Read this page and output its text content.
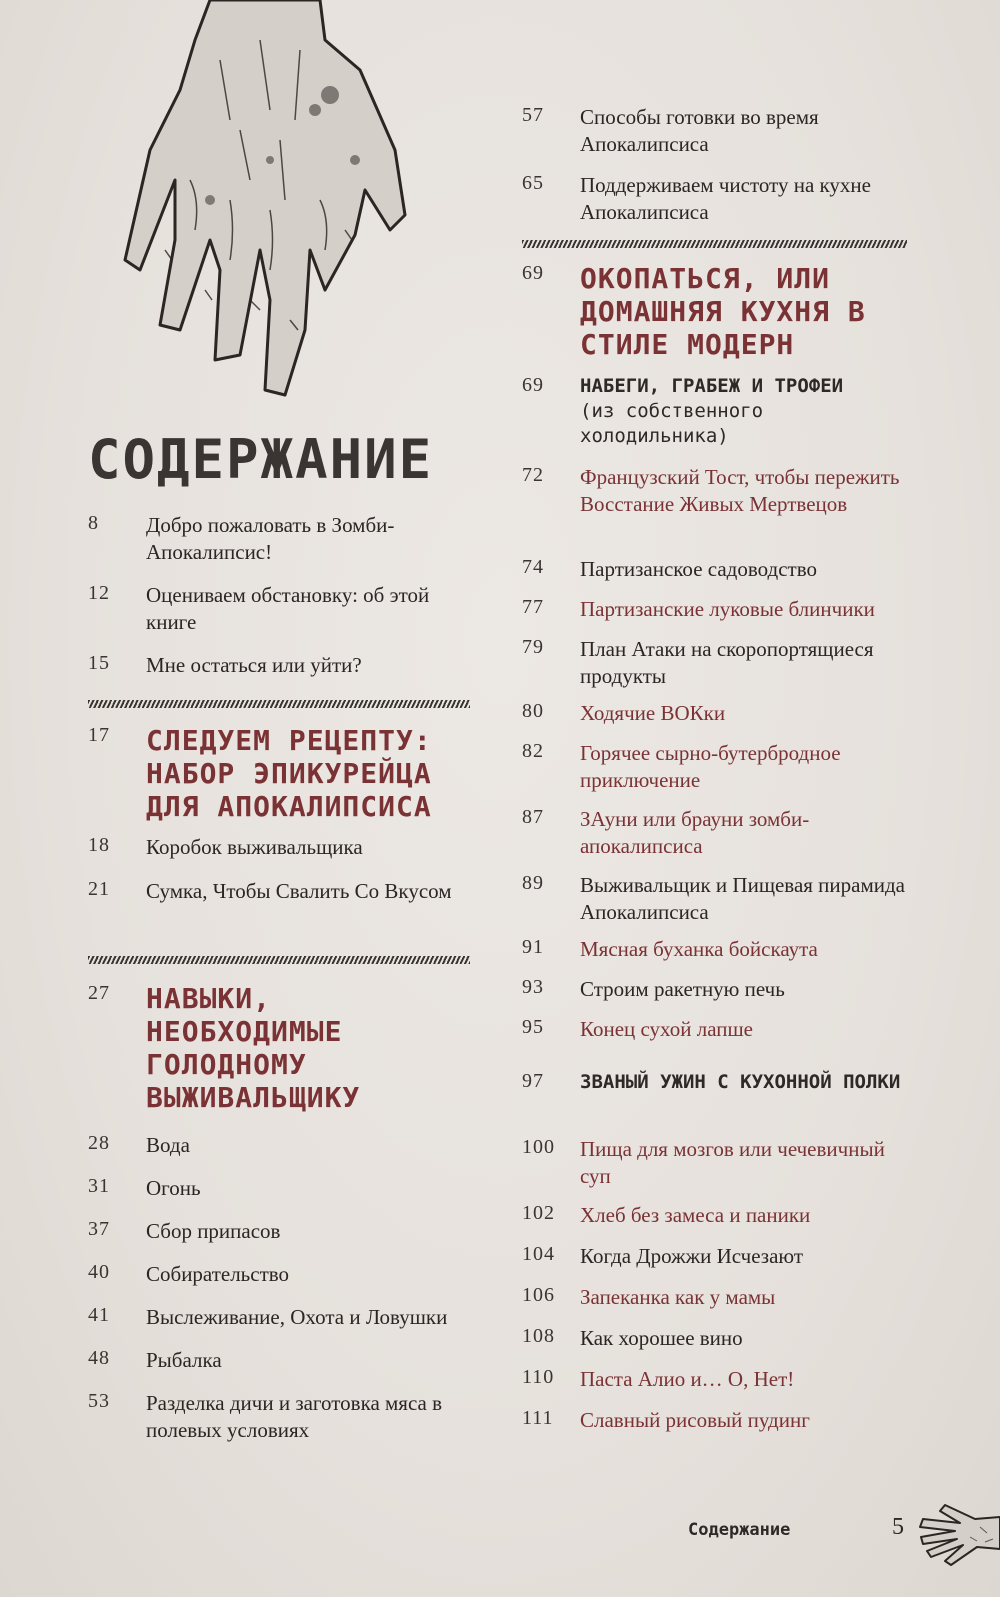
СОДЕРЖАНИЕ
8	Добро пожаловать в Зомби-Апокалипсис!
12	Оцениваем обстановку: об этой книге
15	Мне остаться или уйти?
17	СЛЕДУЕМ РЕЦЕПТУ: НАБОР ЭПИКУРЕЙЦА ДЛЯ АПОКАЛИПСИСА
18	Коробок выживальщика
21	Сумка, Чтобы Свалить Со Вкусом
27	НАВЫКИ, НЕОБХОДИМЫЕ ГОЛОДНОМУ ВЫЖИВАЛЬЩИКУ
28	Вода
31	Огонь
37	Сбор припасов
40	Собирательство
41	Выслеживание, Охота и Ловушки
48	Рыбалка
53	Разделка дичи и заготовка мяса в полевых условиях
57	Способы готовки во время Апокалипсиса
65	Поддерживаем чистоту на кухне Апокалипсиса
69	ОКОПАТЬСЯ, ИЛИ ДОМАШНЯЯ КУХНЯ В СТИЛЕ МОДЕРН
69	НАБЕГИ, ГРАБЕЖ И ТРОФЕИ
(из собственного холодильника)
72	Французский Тост, чтобы пережить Восстание Живых Мертвецов
74	Партизанское садоводство
77	Партизанские луковые блинчики
79	План Атаки на скоропортящиеся продукты
80	Ходячие ВОКки
82	Горячее сырно-бутербродное приключение
87	ЗАуни или брауни зомби-апокалипсиса
89	Выживальщик и Пищевая пирамида Апокалипсиса
91	Мясная буханка бойскаута
93	Строим ракетную печь
95	Конец сухой лапше
97	ЗВАНЫЙ УЖИН С КУХОННОЙ ПОЛКИ
100	Пища для мозгов или чечевичный суп
102	Хлеб без замеса и паники
104	Когда Дрожжи Исчезают
106	Запеканка как у мамы
108	Как хорошее вино
110	Паста Алио и… О, Нет!
111	Славный рисовый пудинг
Содержание	5
